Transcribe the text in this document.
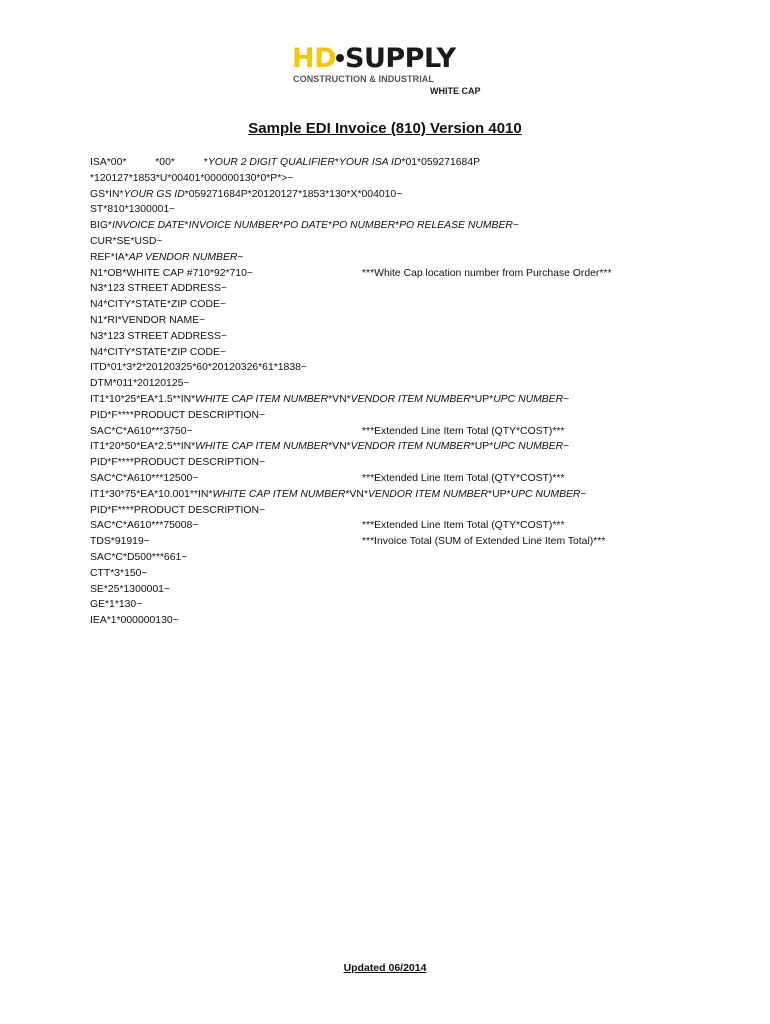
HD SUPPLY
CONSTRUCTION & INDUSTRIAL
WHITE CAP
Sample EDI Invoice (810) Version 4010
ISA*00*          *00*          *YOUR 2 DIGIT QUALIFIER*YOUR ISA ID*01*059271684P
*120127*1853*U*00401*000000130*0*P*>~
GS*IN*YOUR GS ID*059271684P*20120127*1853*130*X*004010~
ST*810*1300001~
BIG*INVOICE DATE*INVOICE NUMBER*PO DATE*PO NUMBER*PO RELEASE NUMBER~
CUR*SE*USD~
REF*IA*AP VENDOR NUMBER~
N1*OB*WHITE CAP #710*92*710~	***White Cap location number from Purchase Order***
N3*123 STREET ADDRESS~
N4*CITY*STATE*ZIP CODE~
N1*RI*VENDOR NAME~
N3*123 STREET ADDRESS~
N4*CITY*STATE*ZIP CODE~
ITD*01*3*2*20120325*60*20120326*61*1838~
DTM*011*20120125~
IT1*10*25*EA*1.5**IN*WHITE CAP ITEM NUMBER*VN*VENDOR ITEM NUMBER*UP*UPC NUMBER~
PID*F****PRODUCT DESCRIPTION~
SAC*C*A610***3750~	***Extended Line Item Total (QTY*COST)***
IT1*20*50*EA*2.5**IN*WHITE CAP ITEM NUMBER*VN*VENDOR ITEM NUMBER*UP*UPC NUMBER~
PID*F****PRODUCT DESCRIPTION~
SAC*C*A610***12500~	***Extended Line Item Total (QTY*COST)***
IT1*30*75*EA*10.001**IN*WHITE CAP ITEM NUMBER*VN*VENDOR ITEM NUMBER*UP*UPC NUMBER~
PID*F****PRODUCT DESCRIPTION~
SAC*C*A610***75008~	***Extended Line Item Total (QTY*COST)***
TDS*91919~	***Invoice Total (SUM of Extended Line Item Total)***
SAC*C*D500***661~
CTT*3*150~
SE*25*1300001~
GE*1*130~
IEA*1*000000130~
Updated 06/2014
